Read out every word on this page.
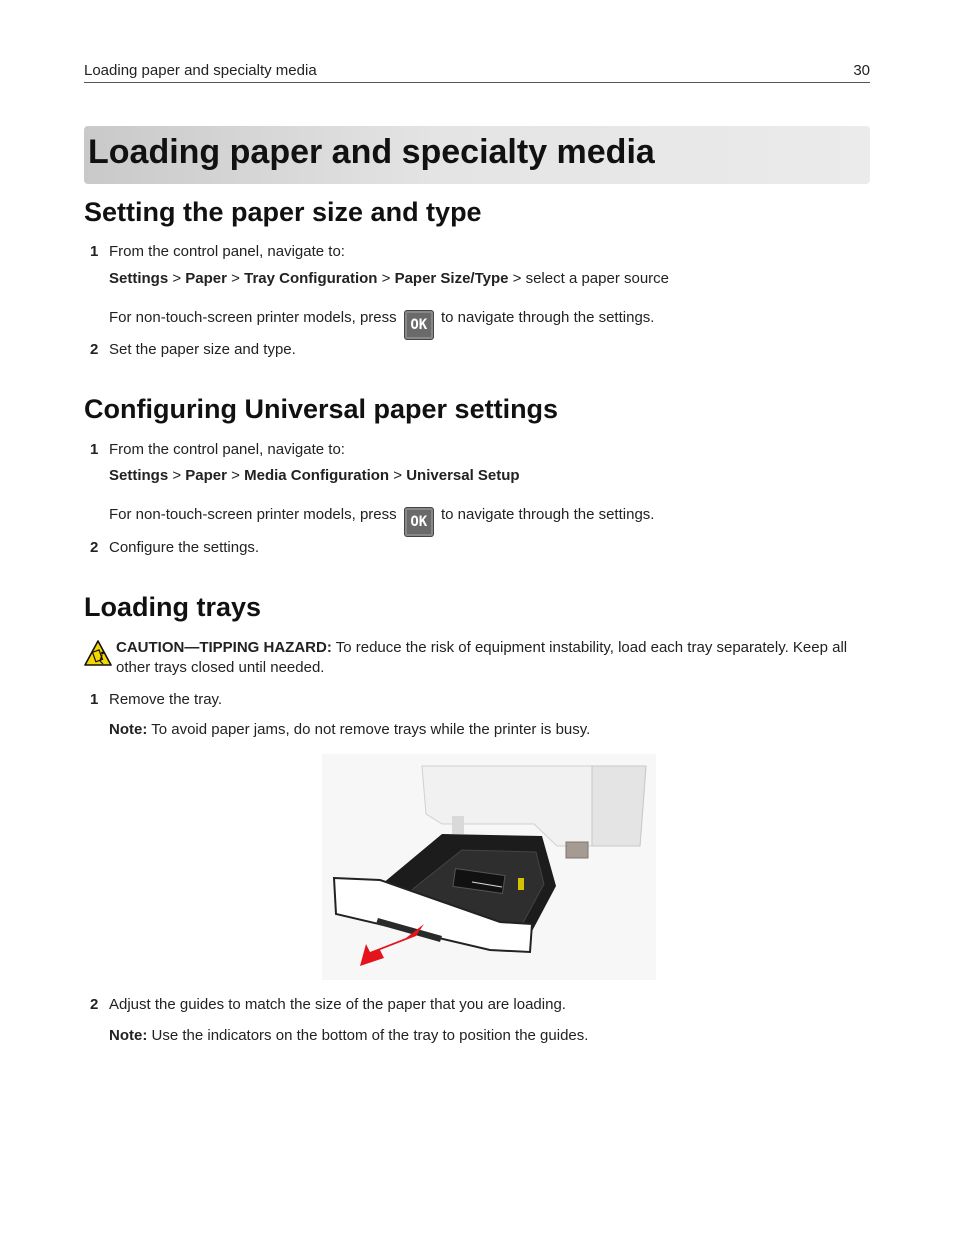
Loading paper and specialty media	30
Loading paper and specialty media
Setting the paper size and type
1 From the control panel, navigate to:
Settings > Paper > Tray Configuration > Paper Size/Type > select a paper source
For non-touch-screen printer models, press OK to navigate through the settings.
2 Set the paper size and type.
Configuring Universal paper settings
1 From the control panel, navigate to:
Settings > Paper > Media Configuration > Universal Setup
For non-touch-screen printer models, press OK to navigate through the settings.
2 Configure the settings.
Loading trays
CAUTION—TIPPING HAZARD: To reduce the risk of equipment instability, load each tray separately. Keep all other trays closed until needed.
1 Remove the tray.
Note: To avoid paper jams, do not remove trays while the printer is busy.
2 Adjust the guides to match the size of the paper that you are loading.
Note: Use the indicators on the bottom of the tray to position the guides.
